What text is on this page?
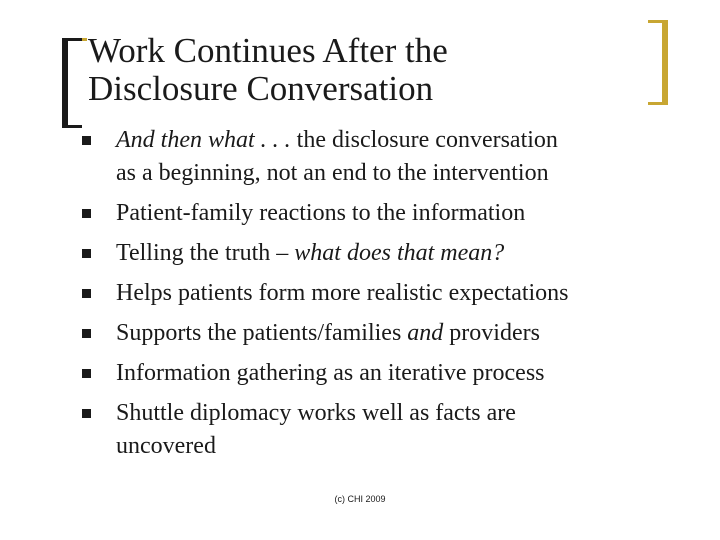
Work Continues After the
Disclosure Conversation
And then what . . . the disclosure conversation
as a beginning, not an end to the intervention
Patient-family reactions to the information
Telling the truth – what does that mean?
Helps patients form more realistic expectations
Supports the patients/families and providers
Information gathering as an iterative process
Shuttle diplomacy works well as facts are
uncovered
(c) CHI 2009
